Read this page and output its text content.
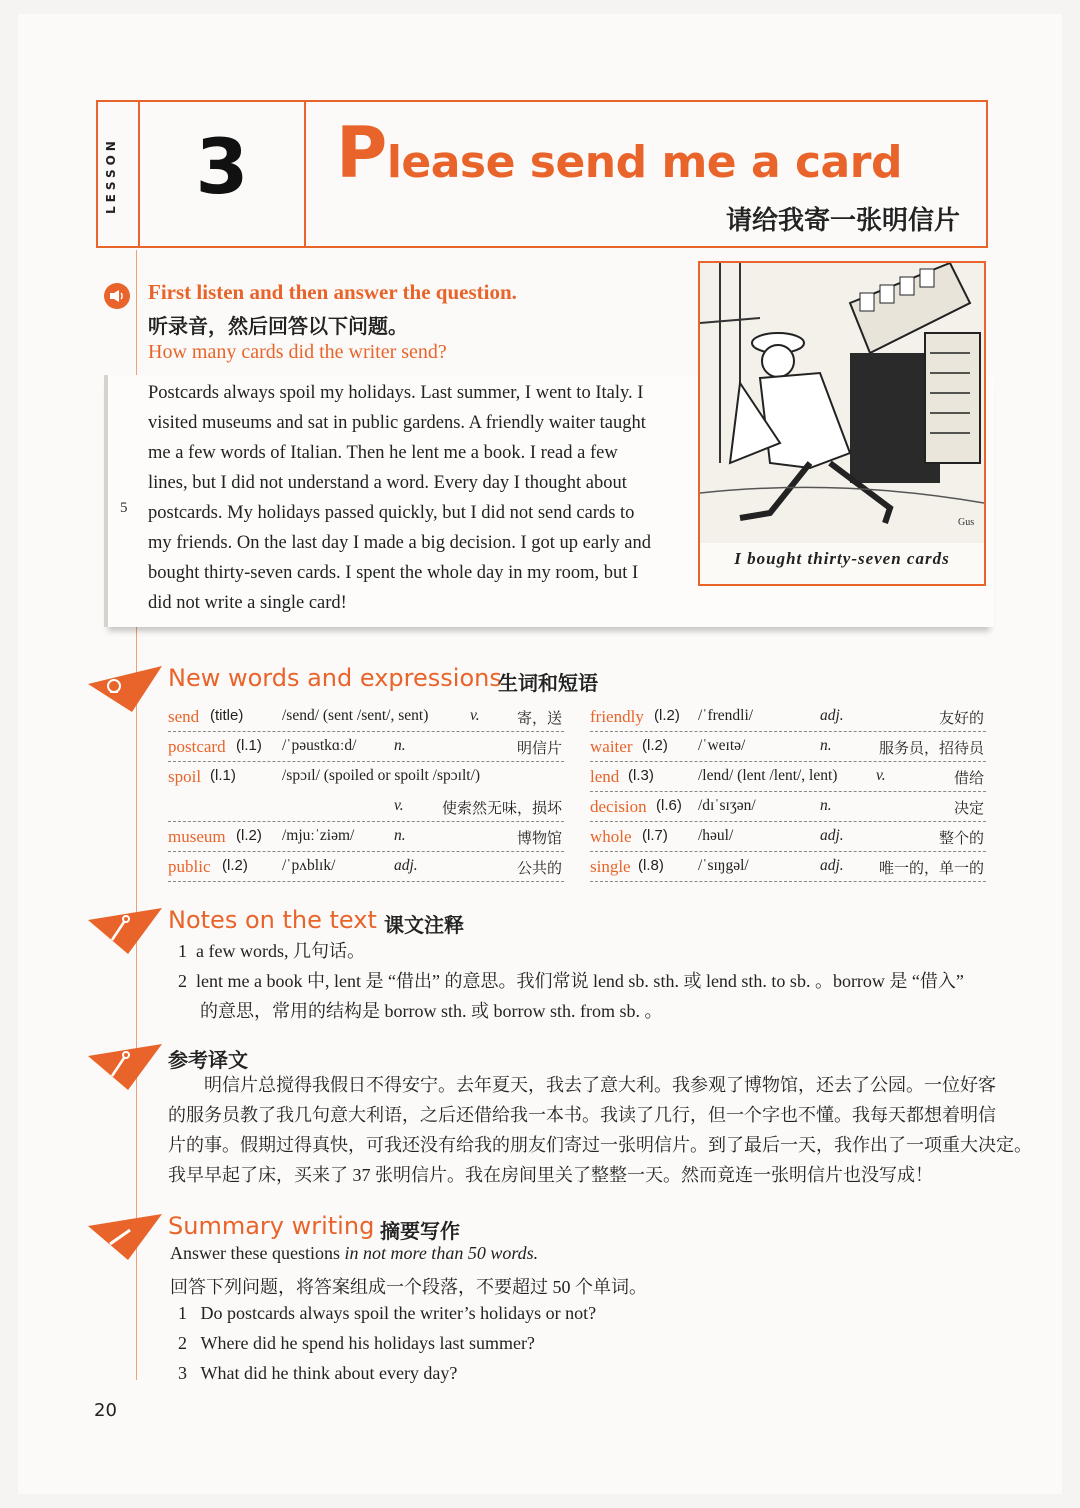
LESSON	3	Please send me a card
请给我寄一张明信片
First listen and then answer the question.
听录音，然后回答以下问题。
How many cards did the writer send?
Postcards always spoil my holidays. Last summer, I went to Italy. I
visited museums and sat in public gardens. A friendly waiter taught
me a few words of Italian. Then he lent me a book. I read a few
lines, but I did not understand a word. Every day I thought about
postcards. My holidays passed quickly, but I did not send cards to
my friends. On the last day I made a big decision. I got up early and
bought thirty-seven cards. I spent the whole day in my room, but I
did not write a single card!
5
Gus
I bought thirty-seven cards
New words and expressions
生词和短语
send (title) /send/ (sent /sent/, sent)	v. 寄，送
postcard (l.1) /ˈpəustkɑːd/ n.	明信片
spoil (l.1)	/spɔɪl/ (spoiled or spoilt /spɔɪlt/)
v.	使索然无味，损坏
museum (l.2) /mjuːˈziəm/	n.	博物馆
public (l.2) /ˈpʌblɪk/	adj.	公共的
friendly (l.2) /ˈfrendli/	adj.	友好的
waiter (l.2) /ˈweɪtə/	n.	服务员，招待员
lend (l.3)	/lend/ (lent /lent/, lent) v.	借给
decision (l.6) /dɪˈsɪʒən/	n.	决定
whole (l.7) /həul/	adj.	整个的
single (l.8) /ˈsɪŋgəl/	adj. 唯一的，单一的
Notes on the text 课文注释
1 a few words, 几句话。
2 lent me a book 中, lent 是 “借出” 的意思。我们常说 lend sb. sth. 或 lend sth. to sb. 。borrow 是 “借入”
的意思，常用的结构是 borrow sth. 或 borrow sth. from sb. 。
参考译文
明信片总搅得我假日不得安宁。去年夏天，我去了意大利。我参观了博物馆，还去了公园。一位好客
的服务员教了我几句意大利语，之后还借给我一本书。我读了几行，但一个字也不懂。我每天都想着明信
片的事。假期过得真快，可我还没有给我的朋友们寄过一张明信片。到了最后一天，我作出了一项重大决定。
我早早起了床，买来了 37 张明信片。我在房间里关了整整一天。然而竟连一张明信片也没写成！
Summary writing 摘要写作
Answer these questions in not more than 50 words.
回答下列问题，将答案组成一个段落，不要超过 50 个单词。
1 Do postcards always spoil the writer’s holidays or not?
2 Where did he spend his holidays last summer?
3 What did he think about every day?
20
